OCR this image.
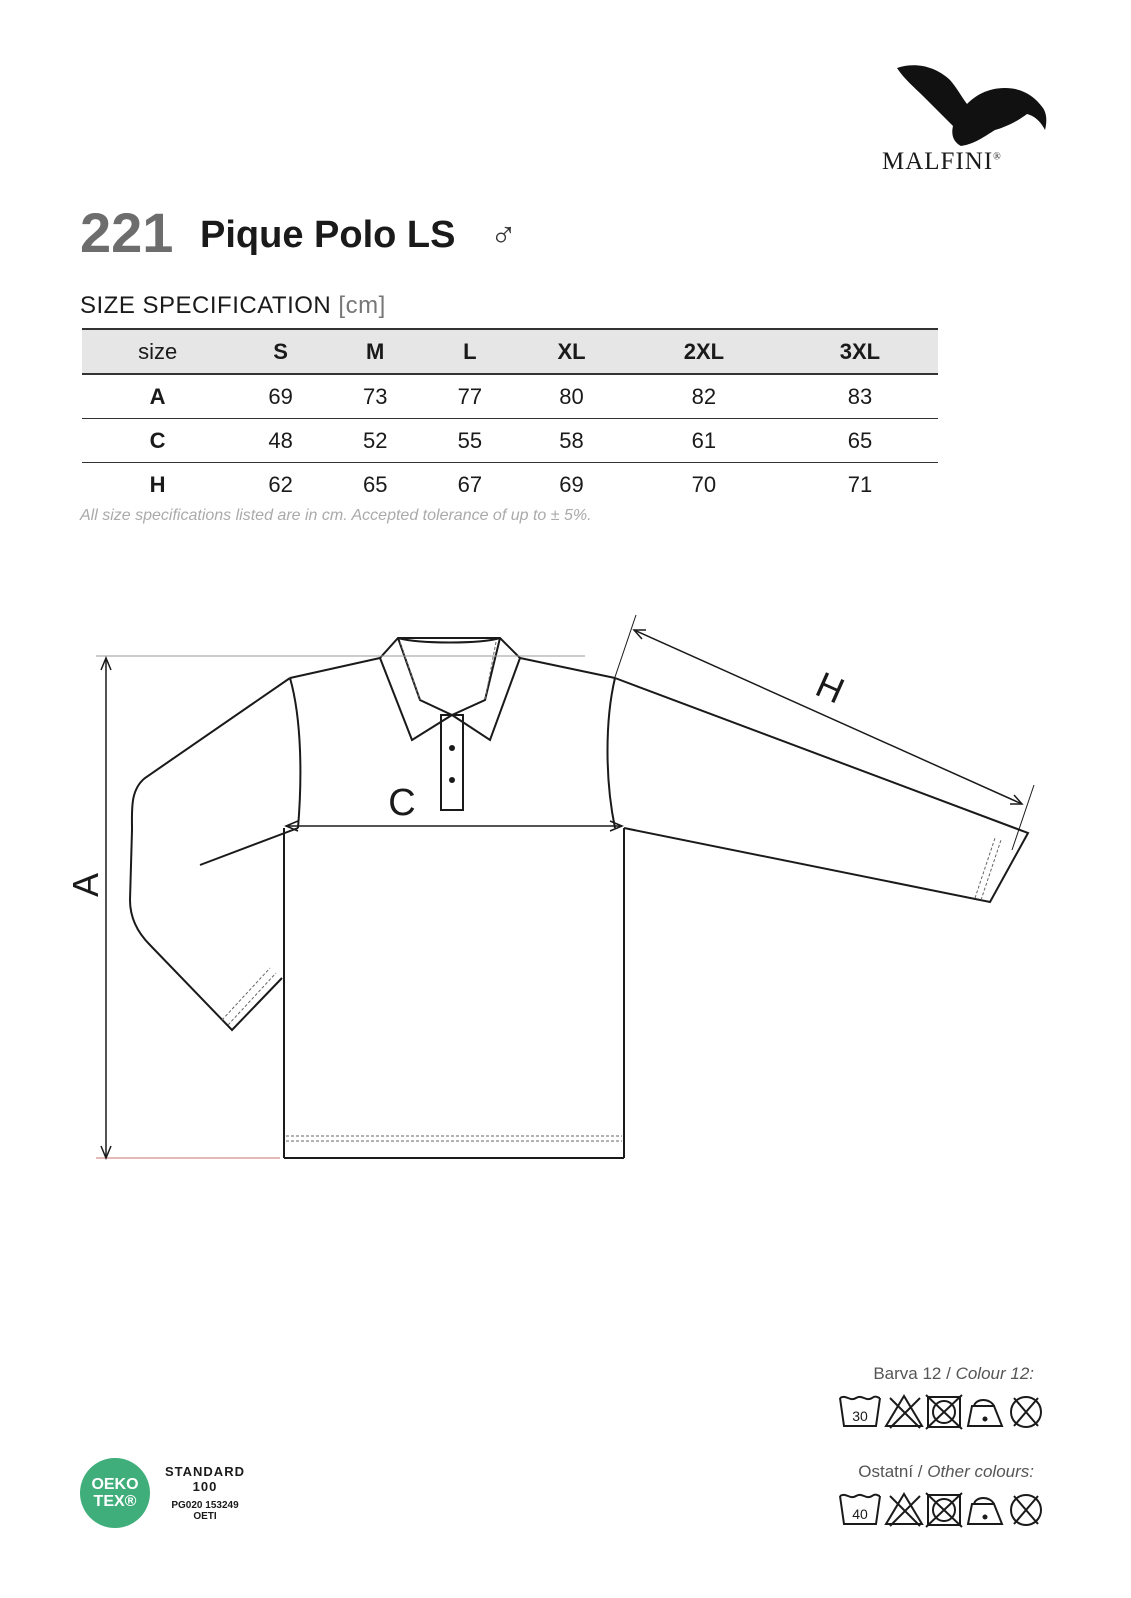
MALFINI®
221 Pique Polo LS ♂
SIZE SPECIFICATION [cm]
size	S	M	L	XL	2XL	3XL
A	69	73	77	80	82	83
C	48	52	55	58	61	65
H	62	65	67	69	70	71
All size specifications listed are in cm. Accepted tolerance of up to ± 5%.
A
C
H
Barva 12 / Colour 12:
30
Ostatní / Other colours:
40
OEKO
TEX®
STANDARD 100
PG020 153249
OETI
